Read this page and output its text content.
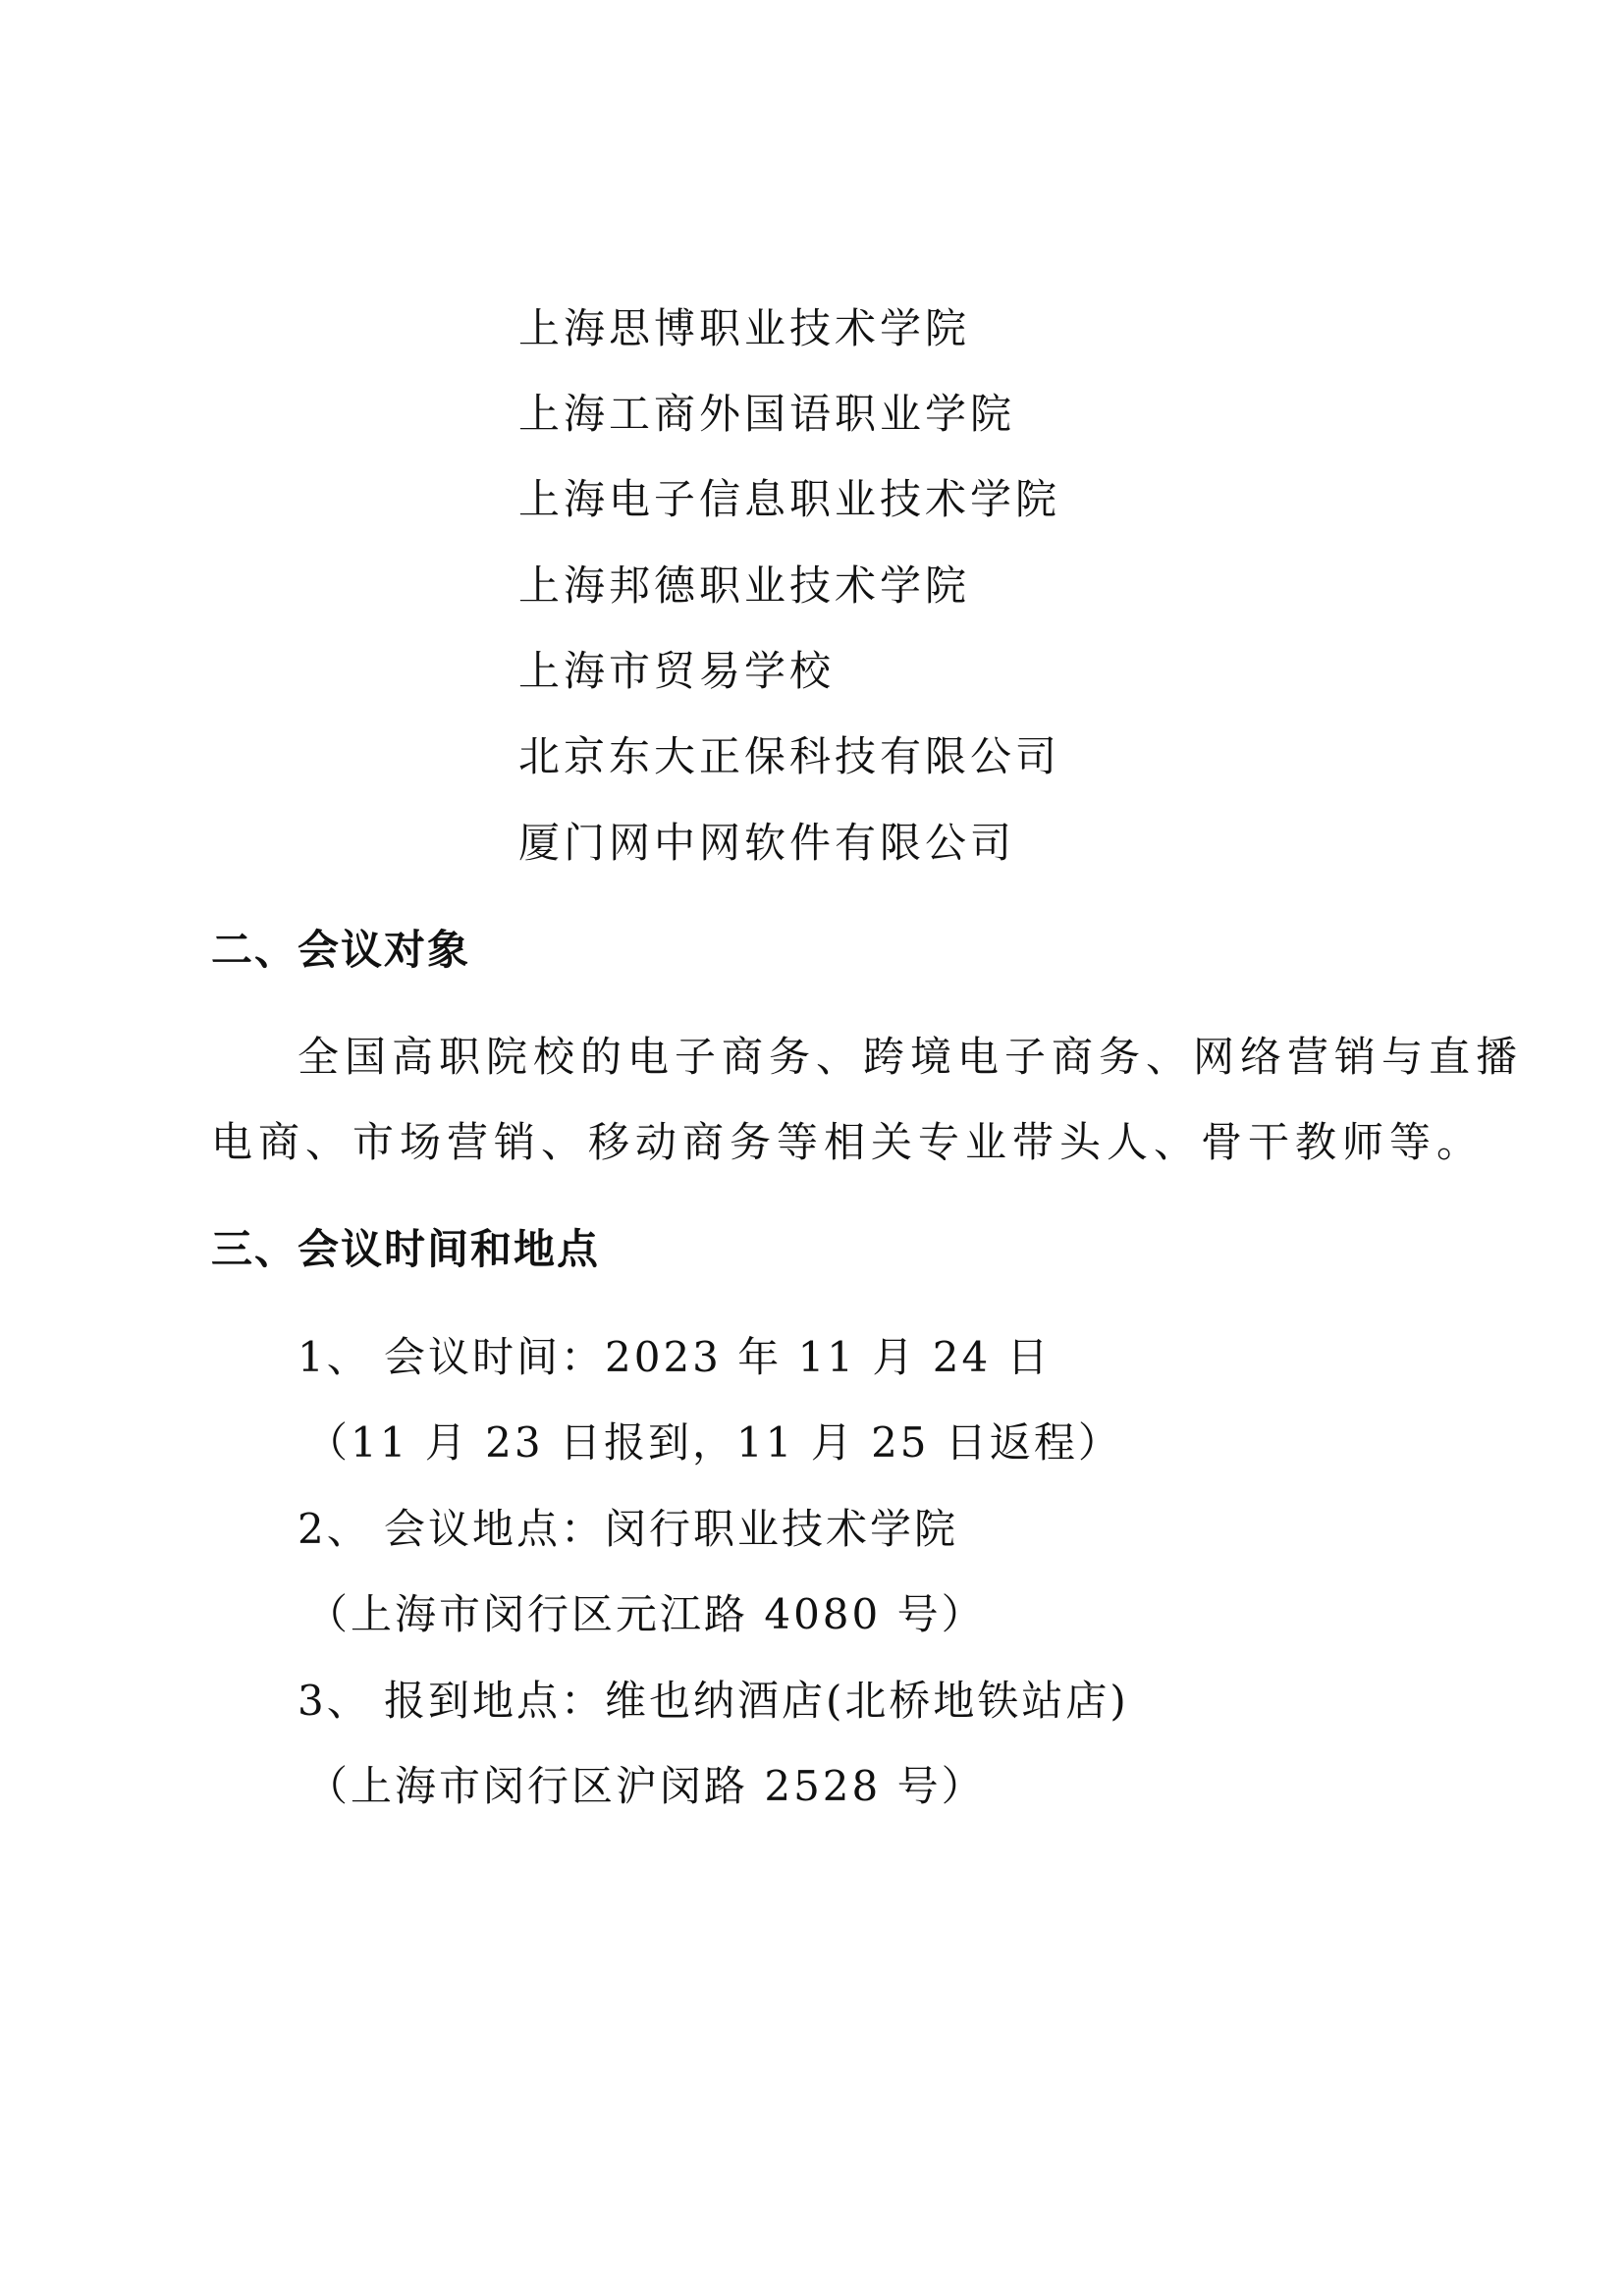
上海思博职业技术学院
上海工商外国语职业学院
上海电子信息职业技术学院
上海邦德职业技术学院
上海市贸易学校
北京东大正保科技有限公司
厦门网中网软件有限公司
二、会议对象
全国高职院校的电子商务、跨境电子商务、网络营销与直播
电商、市场营销、移动商务等相关专业带头人、骨干教师等。
三、会议时间和地点
1、 会议时间：2023 年 11 月 24 日
（11 月 23 日报到，11 月 25 日返程）
2、 会议地点：闵行职业技术学院
（上海市闵行区元江路 4080 号）
3、 报到地点：维也纳酒店(北桥地铁站店)
（上海市闵行区沪闵路 2528 号）
